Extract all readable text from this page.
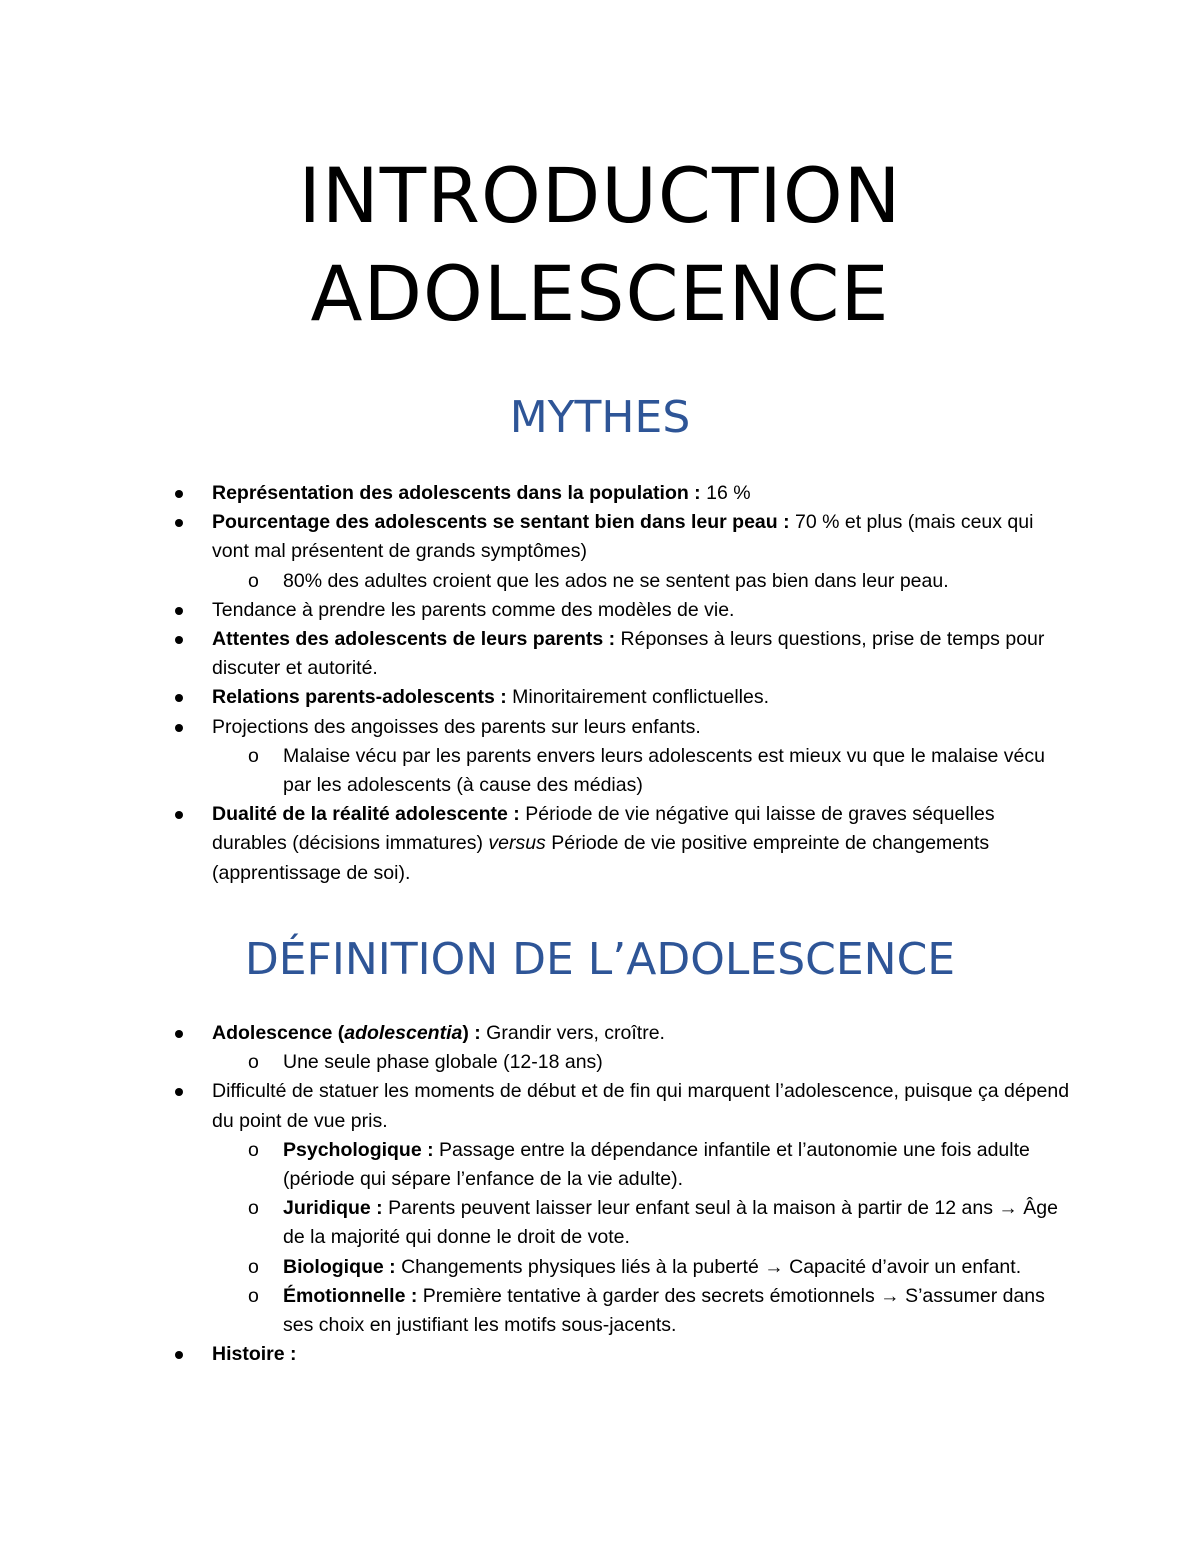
INTRODUCTION
ADOLESCENCE
MYTHES
Représentation des adolescents dans la population : 16 %
Pourcentage des adolescents se sentant bien dans leur peau : 70 % et plus (mais ceux qui vont mal présentent de grands symptômes)
o 80% des adultes croient que les ados ne se sentent pas bien dans leur peau.
Tendance à prendre les parents comme des modèles de vie.
Attentes des adolescents de leurs parents : Réponses à leurs questions, prise de temps pour discuter et autorité.
Relations parents-adolescents : Minoritairement conflictuelles.
Projections des angoisses des parents sur leurs enfants.
o Malaise vécu par les parents envers leurs adolescents est mieux vu que le malaise vécu par les adolescents (à cause des médias)
Dualité de la réalité adolescente : Période de vie négative qui laisse de graves séquelles durables (décisions immatures) versus Période de vie positive empreinte de changements (apprentissage de soi).
DÉFINITION DE L’ADOLESCENCE
Adolescence (adolescentia) : Grandir vers, croître.
o Une seule phase globale (12-18 ans)
Difficulté de statuer les moments de début et de fin qui marquent l’adolescence, puisque ça dépend du point de vue pris.
o Psychologique : Passage entre la dépendance infantile et l’autonomie une fois adulte (période qui sépare l’enfance de la vie adulte).
o Juridique : Parents peuvent laisser leur enfant seul à la maison à partir de 12 ans → Âge de la majorité qui donne le droit de vote.
o Biologique : Changements physiques liés à la puberté → Capacité d’avoir un enfant.
o Émotionnelle : Première tentative à garder des secrets émotionnels → S’assumer dans ses choix en justifiant les motifs sous-jacents.
Histoire :
